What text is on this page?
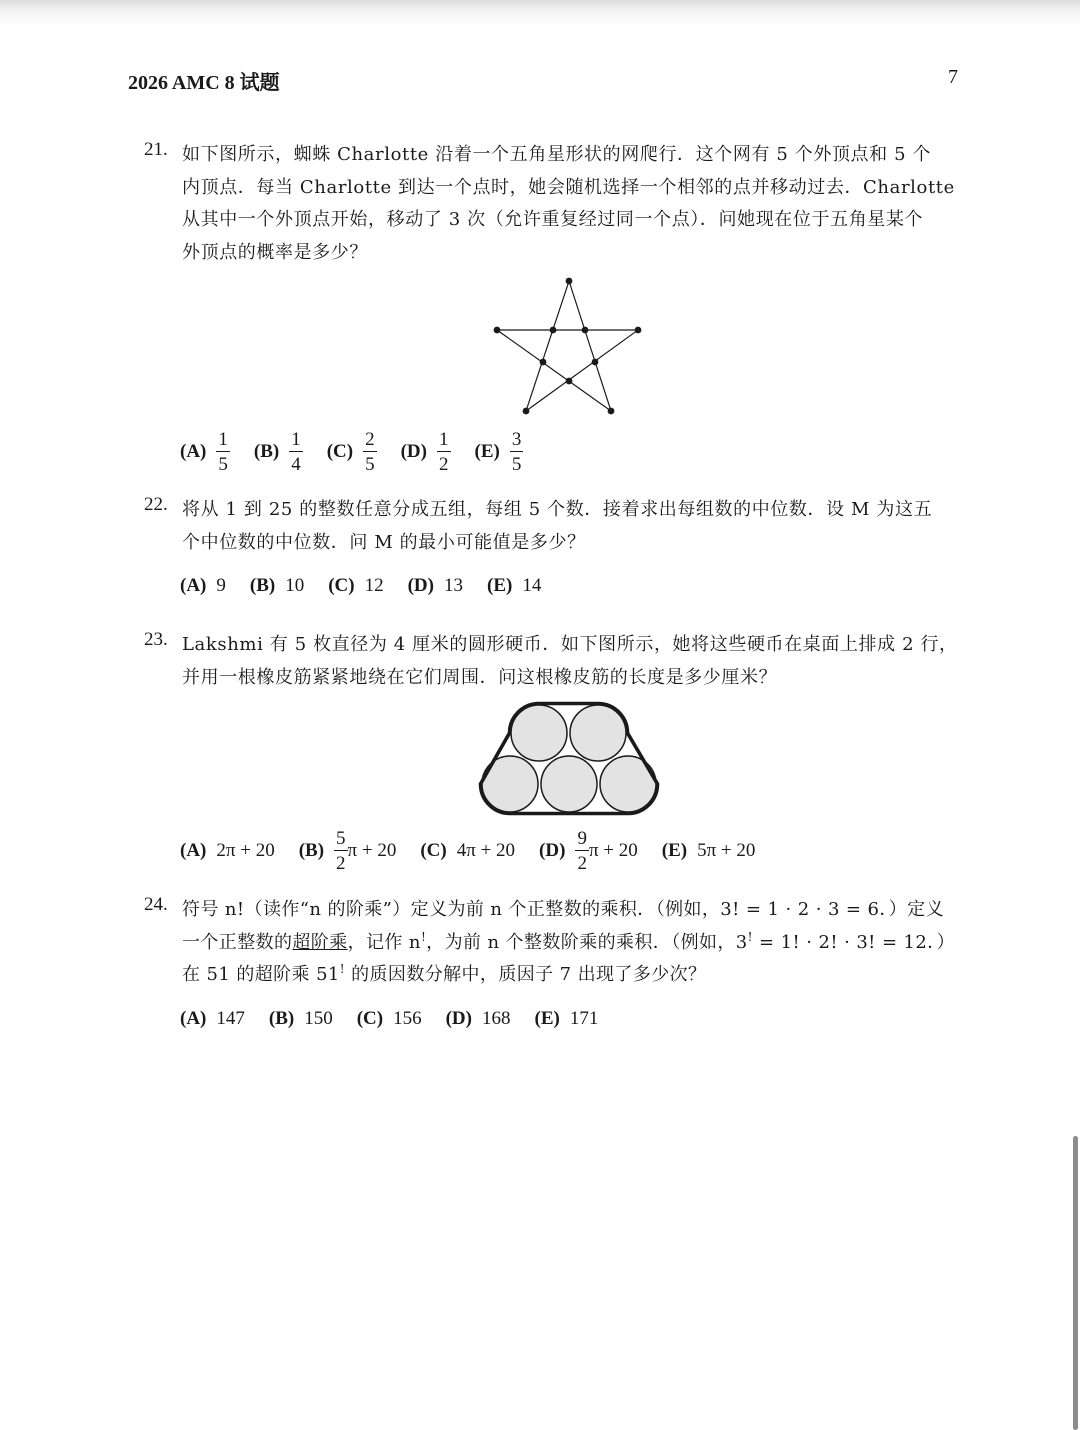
2026 AMC 8 试题	7
21. 如下图所示，蜘蛛 Charlotte 沿着一个五角星形状的网爬行．这个网有 5 个外顶点和 5 个
内顶点．每当 Charlotte 到达一个点时，她会随机选择一个相邻的点并移动过去．Charlotte
从其中一个外顶点开始，移动了 3 次（允许重复经过同一个点）．问她现在位于五角星某个
外顶点的概率是多少？
$(A) \frac{1}{5} (B) \frac{1}{4} (C) \frac{2}{5} (D) \frac{1}{2} (E) \frac{3}{5}$
22. 将从 1 到 25 的整数任意分成五组，每组 5 个数．接着求出每组数的中位数．设 M 为这五
个中位数的中位数．问 M 的最小可能值是多少？
(A) 9 (B) 10 (C) 12 (D) 13 (E) 14
23. Lakshmi 有 5 枚直径为 4 厘米的圆形硬币．如下图所示，她将这些硬币在桌面上排成 2 行，
并用一根橡皮筋紧紧地绕在它们周围．问这根橡皮筋的长度是多少厘米？
(A) 2π + 20 $(B) \frac{5}{2}$ π + 20 (C) 4π + 20 $(D) \frac{9}{2}$ π + 20 (E) 5π + 20
24. 符号 n!（读作“n 的阶乘”）定义为前 n 个正整数的乘积．（例如，3! = 1 · 2 · 3 = 6．）定义
一个正整数的超阶乘，记作 n!，为前 n 个整数阶乘的乘积．（例如，3! = 1! · 2! · 3! = 12．）
在 51 的超阶乘 51! 的质因数分解中，质因子 7 出现了多少次？
(A) 147 (B) 150 (C) 156 (D) 168 (E) 171
